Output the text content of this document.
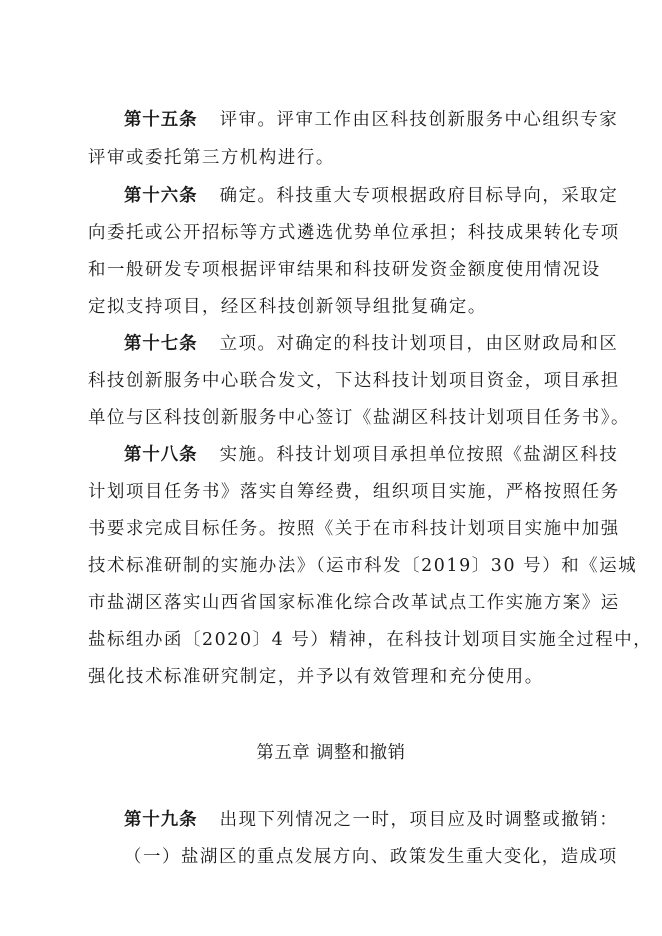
第十五条 评审。评审工作由区科技创新服务中心组织专家
评审或委托第三方机构进行。
第十六条 确定。科技重大专项根据政府目标导向，采取定
向委托或公开招标等方式遴选优势单位承担；科技成果转化专项
和一般研发专项根据评审结果和科技研发资金额度使用情况设
定拟支持项目，经区科技创新领导组批复确定。
第十七条 立项。对确定的科技计划项目，由区财政局和区
科技创新服务中心联合发文，下达科技计划项目资金，项目承担
单位与区科技创新服务中心签订《盐湖区科技计划项目任务书》。
第十八条 实施。科技计划项目承担单位按照《盐湖区科技
计划项目任务书》落实自筹经费，组织项目实施，严格按照任务
书要求完成目标任务。按照《关于在市科技计划项目实施中加强
技术标准研制的实施办法》（运市科发〔2019〕30 号）和《运城
市盐湖区落实山西省国家标准化综合改革试点工作实施方案》运
盐标组办函〔2020〕4 号）精神，在科技计划项目实施全过程中，
强化技术标准研究制定，并予以有效管理和充分使用。
第五章 调整和撤销
第十九条 出现下列情况之一时，项目应及时调整或撤销：
（一）盐湖区的重点发展方向、政策发生重大变化，造成项
